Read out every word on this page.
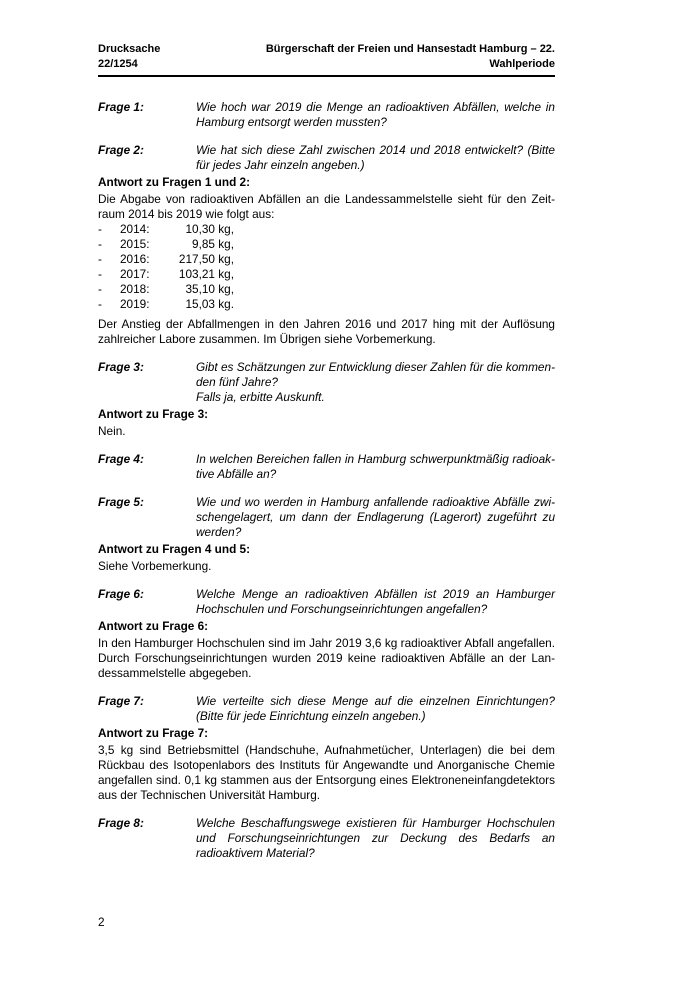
Drucksache 22/1254
Bürgerschaft der Freien und Hansestadt Hamburg – 22. Wahlperiode
Frage 1:	Wie hoch war 2019 die Menge an radioaktiven Abfällen, welche in Hamburg entsorgt werden mussten?
Frage 2:	Wie hat sich diese Zahl zwischen 2014 und 2018 entwickelt? (Bitte für jedes Jahr einzeln angeben.)
Antwort zu Fragen 1 und 2:

Die Abgabe von radioaktiven Abfällen an die Landessammelstelle sieht für den Zeitraum 2014 bis 2019 wie folgt aus:

-	2014:	10,30 kg,
-	2015:	9,85 kg,
-	2016:	217,50 kg,
-	2017:	103,21 kg,
-	2018:	35,10 kg,
-	2019:	15,03 kg.

Der Anstieg der Abfallmengen in den Jahren 2016 und 2017 hing mit der Auflösung zahlreicher Labore zusammen. Im Übrigen siehe Vorbemerkung.

Frage 3:	Gibt es Schätzungen zur Entwicklung dieser Zahlen für die kommenden fünf Jahre?
Falls ja, erbitte Auskunft.
Antwort zu Frage 3:

Nein.

Frage 4:	In welchen Bereichen fallen in Hamburg schwerpunktmäßig radioaktive Abfälle an?
Frage 5:	Wie und wo werden in Hamburg anfallende radioaktive Abfälle zwischengelagert, um dann der Endlagerung (Lagerort) zugeführt zu werden?
Antwort zu Fragen 4 und 5:

Siehe Vorbemerkung.

Frage 6:	Welche Menge an radioaktiven Abfällen ist 2019 an Hamburger Hochschulen und Forschungseinrichtungen angefallen?
Antwort zu Frage 6:

In den Hamburger Hochschulen sind im Jahr 2019 3,6 kg radioaktiver Abfall angefallen. Durch Forschungseinrichtungen wurden 2019 keine radioaktiven Abfälle an der Landessammelstelle abgegeben.

Frage 7:	Wie verteilte sich diese Menge auf die einzelnen Einrichtungen? (Bitte für jede Einrichtung einzeln angeben.)
Antwort zu Frage 7:

3,5 kg sind Betriebsmittel (Handschuhe, Aufnahmetücher, Unterlagen) die bei dem Rückbau des Isotopenlabors des Instituts für Angewandte und Anorganische Chemie angefallen sind. 0,1 kg stammen aus der Entsorgung eines Elektroneneinfangdetektors aus der Technischen Universität Hamburg.

Frage 8:	Welche Beschaffungswege existieren für Hamburger Hochschulen und Forschungseinrichtungen zur Deckung des Bedarfs an radioaktivem Material?
2
